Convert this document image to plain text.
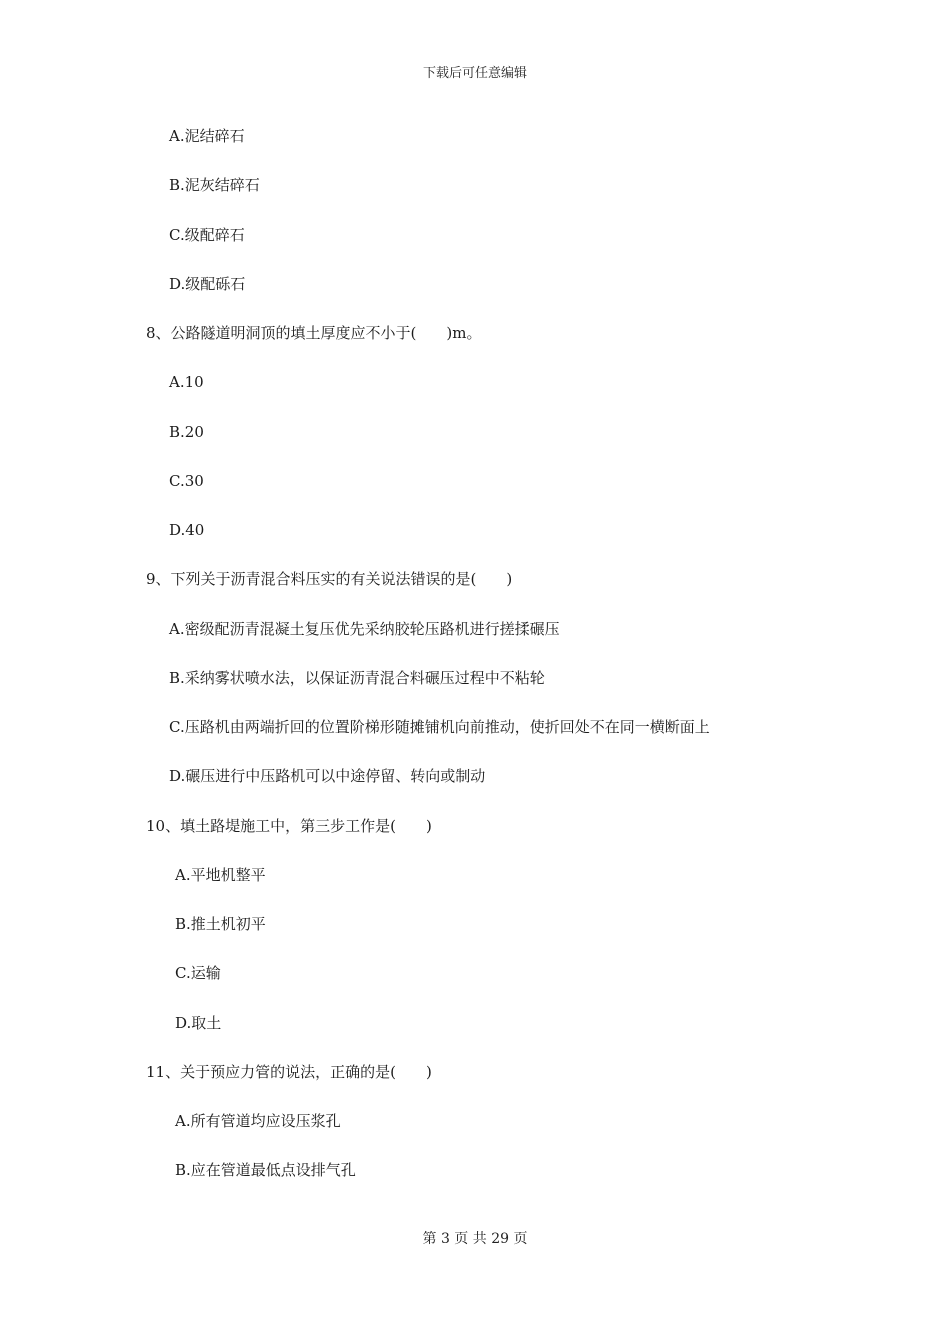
下载后可任意编辑
A.泥结碎石
B.泥灰结碎石
C.级配碎石
D.级配砾石
8、公路隧道明洞顶的填土厚度应不小于(　　)m。
A.10
B.20
C.30
D.40
9、下列关于沥青混合料压实的有关说法错误的是(　　)
A.密级配沥青混凝土复压优先采纳胶轮压路机进行搓揉碾压
B.采纳雾状喷水法，以保证沥青混合料碾压过程中不粘轮
C.压路机由两端折回的位置阶梯形随摊铺机向前推动，使折回处不在同一横断面上
D.碾压进行中压路机可以中途停留、转向或制动
10、填土路堤施工中，第三步工作是(　　)
A.平地机整平
B.推土机初平
C.运输
D.取土
11、关于预应力管的说法，正确的是(　　)
A.所有管道均应设压浆孔
B.应在管道最低点设排气孔
第 3 页 共 29 页
